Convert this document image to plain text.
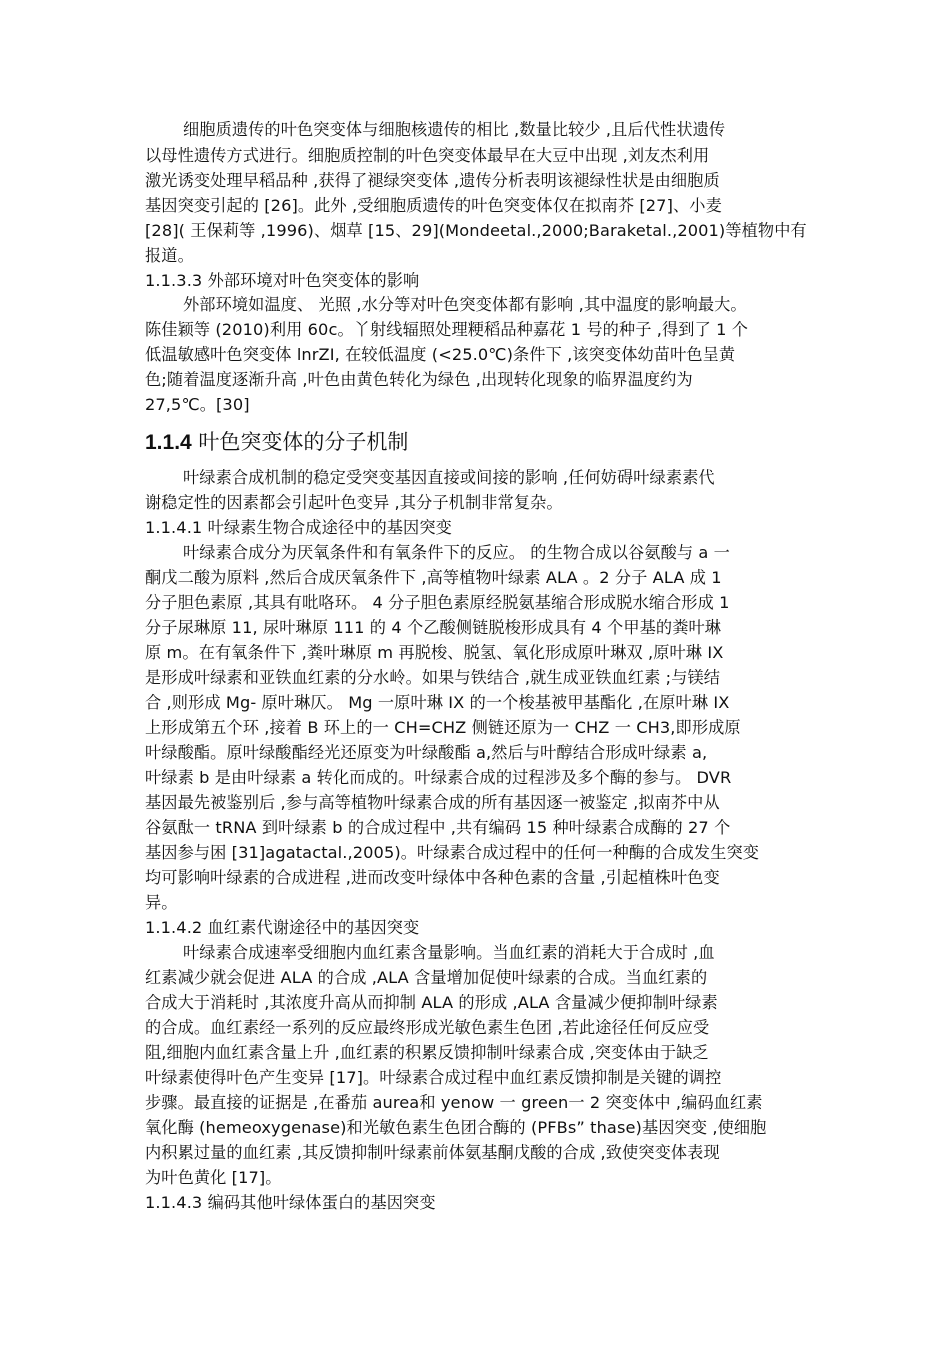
细胞质遗传的叶色突变体与细胞核遗传的相比 ,数量比较少 ,且后代性状遗传
以母性遗传方式进行。细胞质控制的叶色突变体最早在大豆中出现 ,刘友杰利用
激光诱变处理早稻品种 ,获得了褪绿突变体 ,遗传分析表明该褪绿性状是由细胞质
基因突变引起的 [26]。此外 ,受细胞质遗传的叶色突变体仅在拟南芥 [27]、小麦
[28]( 王保莉等 ,1996)、烟草 [15、29](Mondeetal.,2000;Baraketal.,2001)等植物中有
报道。
1.1.3.3 外部环境对叶色突变体的影响
外部环境如温度、 光照 ,水分等对叶色突变体都有影响 ,其中温度的影响最大。
陈佳颖等 (2010)利用 60c。丫射线辐照处理粳稻品种嘉花 1 号的种子 ,得到了 1 个
低温敏感叶色突变体 lnrZI, 在较低温度 (<25.0℃)条件下 ,该突变体幼苗叶色呈黄
色;随着温度逐渐升高 ,叶色由黄色转化为绿色 ,出现转化现象的临界温度约为
27,5℃。[30]
1.1.4 叶色突变体的分子机制
叶绿素合成机制的稳定受突变基因直接或间接的影响 ,任何妨碍叶绿素素代
谢稳定性的因素都会引起叶色变异 ,其分子机制非常复杂。
1.1.4.1 叶绿素生物合成途径中的基因突变
叶绿素合成分为厌氧条件和有氧条件下的反应。 的生物合成以谷氨酸与 a 一
酮戊二酸为原料 ,然后合成厌氧条件下 ,高等植物叶绿素 ALA 。2 分子 ALA 成 1
分子胆色素原 ,其具有吡咯环。 4 分子胆色素原经脱氨基缩合形成脱水缩合形成 1
分子尿琳原 11, 尿叶琳原 111 的 4 个乙酸侧链脱梭形成具有 4 个甲基的粪叶琳
原 m。在有氧条件下 ,粪叶琳原 m 再脱梭、脱氢、氧化形成原叶琳双 ,原叶琳 IX
是形成叶绿素和亚铁血红素的分水岭。如果与铁结合 ,就生成亚铁血红素 ;与镁结
合 ,则形成 Mg- 原叶琳仄。 Mg 一原叶琳 IX 的一个梭基被甲基酯化 ,在原叶琳 IX
上形成第五个环 ,接着 B 环上的一 CH=CHZ 侧链还原为一 CHZ 一 CH3,即形成原
叶绿酸酯。原叶绿酸酯经光还原变为叶绿酸酯 a,然后与叶醇结合形成叶绿素 a,
叶绿素 b 是由叶绿素 a 转化而成的。叶绿素合成的过程涉及多个酶的参与。 DVR
基因最先被鉴别后 ,参与高等植物叶绿素合成的所有基因逐一被鉴定 ,拟南芥中从
谷氨酞一 tRNA 到叶绿素 b 的合成过程中 ,共有编码 15 种叶绿素合成酶的 27 个
基因参与困 [31]agatactal.,2005)。叶绿素合成过程中的任何一种酶的合成发生突变
均可影响叶绿素的合成进程 ,进而改变叶绿体中各种色素的含量 ,引起植株叶色变
异。
1.1.4.2 血红素代谢途径中的基因突变
叶绿素合成速率受细胞内血红素含量影响。当血红素的消耗大于合成时 ,血
红素减少就会促进 ALA 的合成 ,ALA 含量增加促使叶绿素的合成。当血红素的
合成大于消耗时 ,其浓度升高从而抑制 ALA 的形成 ,ALA 含量减少便抑制叶绿素
的合成。血红素经一系列的反应最终形成光敏色素生色团 ,若此途径任何反应受
阻,细胞内血红素含量上升 ,血红素的积累反馈抑制叶绿素合成 ,突变体由于缺乏
叶绿素使得叶色产生变异 [17]。叶绿素合成过程中血红素反馈抑制是关键的调控
步骤。最直接的证据是 ,在番茄 aurea和 yenow 一 green一 2 突变体中 ,编码血红素
氧化酶 (hemeoxygenase)和光敏色素生色团合酶的 (PFBs” thase)基因突变 ,使细胞
内积累过量的血红素 ,其反馈抑制叶绿素前体氨基酮戊酸的合成 ,致使突变体表现
为叶色黄化 [17]。
1.1.4.3 编码其他叶绿体蛋白的基因突变
